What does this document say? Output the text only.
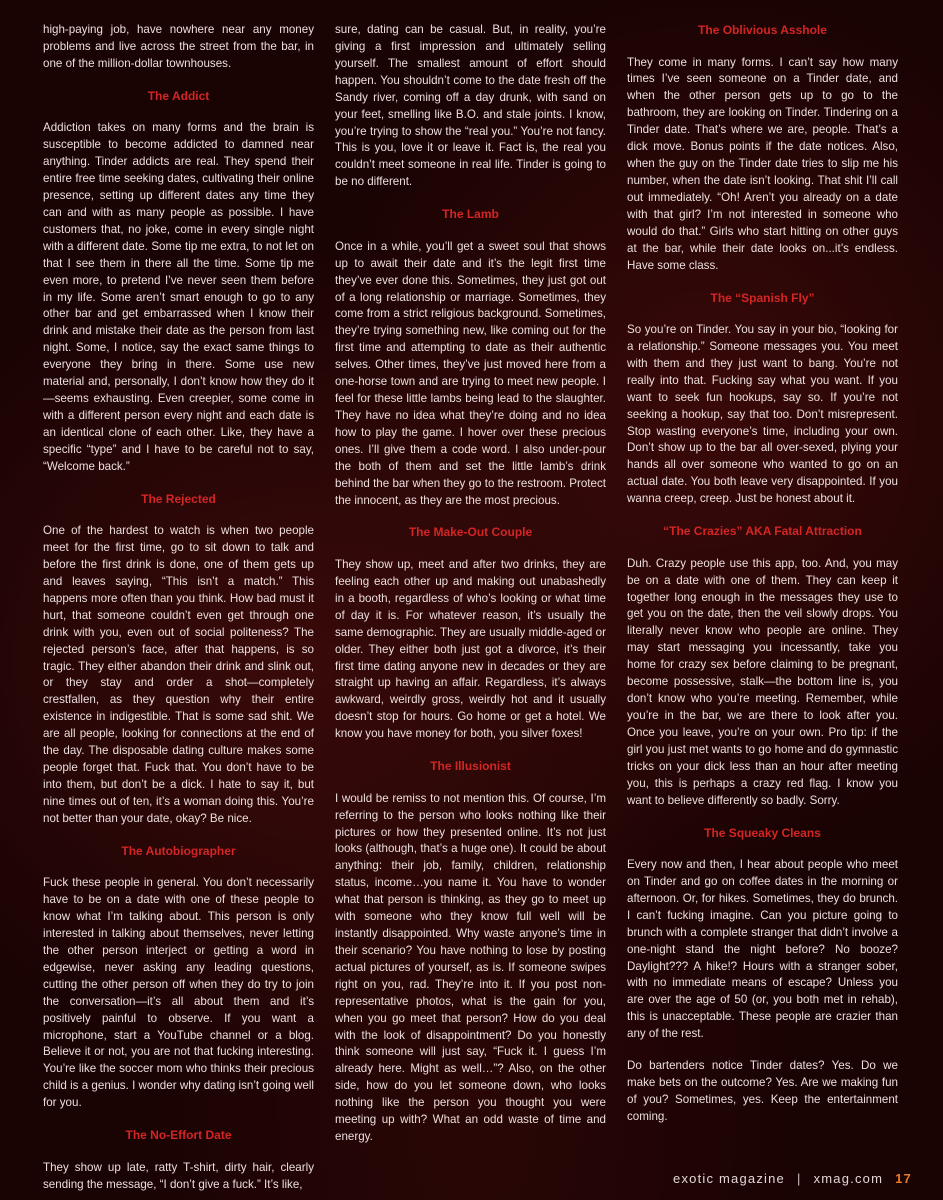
high-paying job, have nowhere near any money problems and live across the street from the bar, in one of the million-dollar townhouses.

The Addict

Addiction takes on many forms and the brain is susceptible to become addicted to damned near anything. Tinder addicts are real. They spend their entire free time seeking dates, cultivating their online presence, setting up different dates any time they can and with as many people as possible. I have customers that, no joke, come in every single night with a different date. Some tip me extra, to not let on that I see them in there all the time. Some tip me even more, to pretend I’ve never seen them before in my life. Some aren’t smart enough to go to any other bar and get embarrassed when I know their drink and mistake their date as the person from last night. Some, I notice, say the exact same things to everyone they bring in there. Some use new material and, personally, I don’t know how they do it—seems exhausting. Even creepier, some come in with a different person every night and each date is an identical clone of each other. Like, they have a specific “type” and I have to be careful not to say, “Welcome back.”

The Rejected

One of the hardest to watch is when two people meet for the first time, go to sit down to talk and before the first drink is done, one of them gets up and leaves saying, “This isn’t a match.” This happens more often than you think. How bad must it hurt, that someone couldn’t even get through one drink with you, even out of social politeness? The rejected person’s face, after that happens, is so tragic. They either abandon their drink and slink out, or they stay and order a shot—completely crestfallen, as they question why their entire existence in indigestible. That is some sad shit. We are all people, looking for connections at the end of the day. The disposable dating culture makes some people forget that. Fuck that. You don’t have to be into them, but don’t be a dick. I hate to say it, but nine times out of ten, it’s a woman doing this. You’re not better than your date, okay? Be nice.

The Autobiographer

Fuck these people in general. You don’t necessarily have to be on a date with one of these people to know what I’m talking about. This person is only interested in talking about themselves, never letting the other person interject or getting a word in edgewise, never asking any leading questions, cutting the other person off when they do try to join the conversation—it’s all about them and it’s positively painful to observe. If you want a microphone, start a YouTube channel or a blog. Believe it or not, you are not that fucking interesting. You’re like the soccer mom who thinks their precious child is a genius. I wonder why dating isn’t going well for you.

The No-Effort Date

They show up late, ratty T-shirt, dirty hair, clearly sending the message, “I don’t give a fuck.” It’s like,

sure, dating can be casual. But, in reality, you’re giving a first impression and ultimately selling yourself. The smallest amount of effort should happen. You shouldn’t come to the date fresh off the Sandy river, coming off a day drunk, with sand on your feet, smelling like B.O. and stale joints. I know, you’re trying to show the “real you.” You’re not fancy. This is you, love it or leave it. Fact is, the real you couldn’t meet someone in real life. Tinder is going to be no different.

The Lamb

Once in a while, you’ll get a sweet soul that shows up to await their date and it’s the legit first time they’ve ever done this. Sometimes, they just got out of a long relationship or marriage. Sometimes, they come from a strict religious background. Sometimes, they’re trying something new, like coming out for the first time and attempting to date as their authentic selves. Other times, they’ve just moved here from a one-horse town and are trying to meet new people. I feel for these little lambs being lead to the slaughter. They have no idea what they’re doing and no idea how to play the game. I hover over these precious ones. I’ll give them a code word. I also under-pour the both of them and set the little lamb’s drink behind the bar when they go to the restroom. Protect the innocent, as they are the most precious.

The Make-Out Couple

They show up, meet and after two drinks, they are feeling each other up and making out unabashedly in a booth, regardless of who’s looking or what time of day it is. For whatever reason, it’s usually the same demographic. They are usually middle-aged or older. They either both just got a divorce, it’s their first time dating anyone new in decades or they are straight up having an affair. Regardless, it’s always awkward, weirdly gross, weirdly hot and it usually doesn’t stop for hours. Go home or get a hotel. We know you have money for both, you silver foxes!

The Illusionist

I would be remiss to not mention this. Of course, I’m referring to the person who looks nothing like their pictures or how they presented online. It’s not just looks (although, that’s a huge one). It could be about anything: their job, family, children, relationship status, income…you name it. You have to wonder what that person is thinking, as they go to meet up with someone who they know full well will be instantly disappointed. Why waste anyone’s time in their scenario? You have nothing to lose by posting actual pictures of yourself, as is. If someone swipes right on you, rad. They’re into it. If you post non-representative photos, what is the gain for you, when you go meet that person? How do you deal with the look of disappointment? Do you honestly think someone will just say, “Fuck it. I guess I’m already here. Might as well…”? Also, on the other side, how do you let someone down, who looks nothing like the person you thought you were meeting up with? What an odd waste of time and energy.

The Oblivious Asshole

They come in many forms. I can’t say how many times I’ve seen someone on a Tinder date, and when the other person gets up to go to the bathroom, they are looking on Tinder. Tindering on a Tinder date. That’s where we are, people. That’s a dick move. Bonus points if the date notices. Also, when the guy on the Tinder date tries to slip me his number, when the date isn’t looking. That shit I’ll call out immediately. “Oh! Aren’t you already on a date with that girl? I’m not interested in someone who would do that.” Girls who start hitting on other guys at the bar, while their date looks on...it’s endless. Have some class.

The “Spanish Fly”

So you’re on Tinder. You say in your bio, “looking for a relationship.” Someone messages you. You meet with them and they just want to bang. You’re not really into that. Fucking say what you want. If you want to seek fun hookups, say so. If you’re not seeking a hookup, say that too. Don’t misrepresent. Stop wasting everyone’s time, including your own. Don’t show up to the bar all over-sexed, plying your hands all over someone who wanted to go on an actual date. You both leave very disappointed. If you wanna creep, creep. Just be honest about it.

“The Crazies” AKA Fatal Attraction

Duh. Crazy people use this app, too. And, you may be on a date with one of them. They can keep it together long enough in the messages they use to get you on the date, then the veil slowly drops. You literally never know who people are online. They may start messaging you incessantly, take you home for crazy sex before claiming to be pregnant, become possessive, stalk—the bottom line is, you don’t know who you’re meeting. Remember, while you’re in the bar, we are there to look after you. Once you leave, you’re on your own. Pro tip: if the girl you just met wants to go home and do gymnastic tricks on your dick less than an hour after meeting you, this is perhaps a crazy red flag. I know you want to believe differently so badly. Sorry.

The Squeaky Cleans

Every now and then, I hear about people who meet on Tinder and go on coffee dates in the morning or afternoon. Or, for hikes. Sometimes, they do brunch. I can’t fucking imagine. Can you picture going to brunch with a complete stranger that didn’t involve a one-night stand the night before? No booze? Daylight??? A hike!? Hours with a stranger sober, with no immediate means of escape? Unless you are over the age of 50 (or, you both met in rehab), this is unacceptable. These people are crazier than any of the rest.

Do bartenders notice Tinder dates? Yes. Do we make bets on the outcome? Yes. Are we making fun of you? Sometimes, yes. Keep the entertainment coming.

exotic magazine | xmag.com 17
